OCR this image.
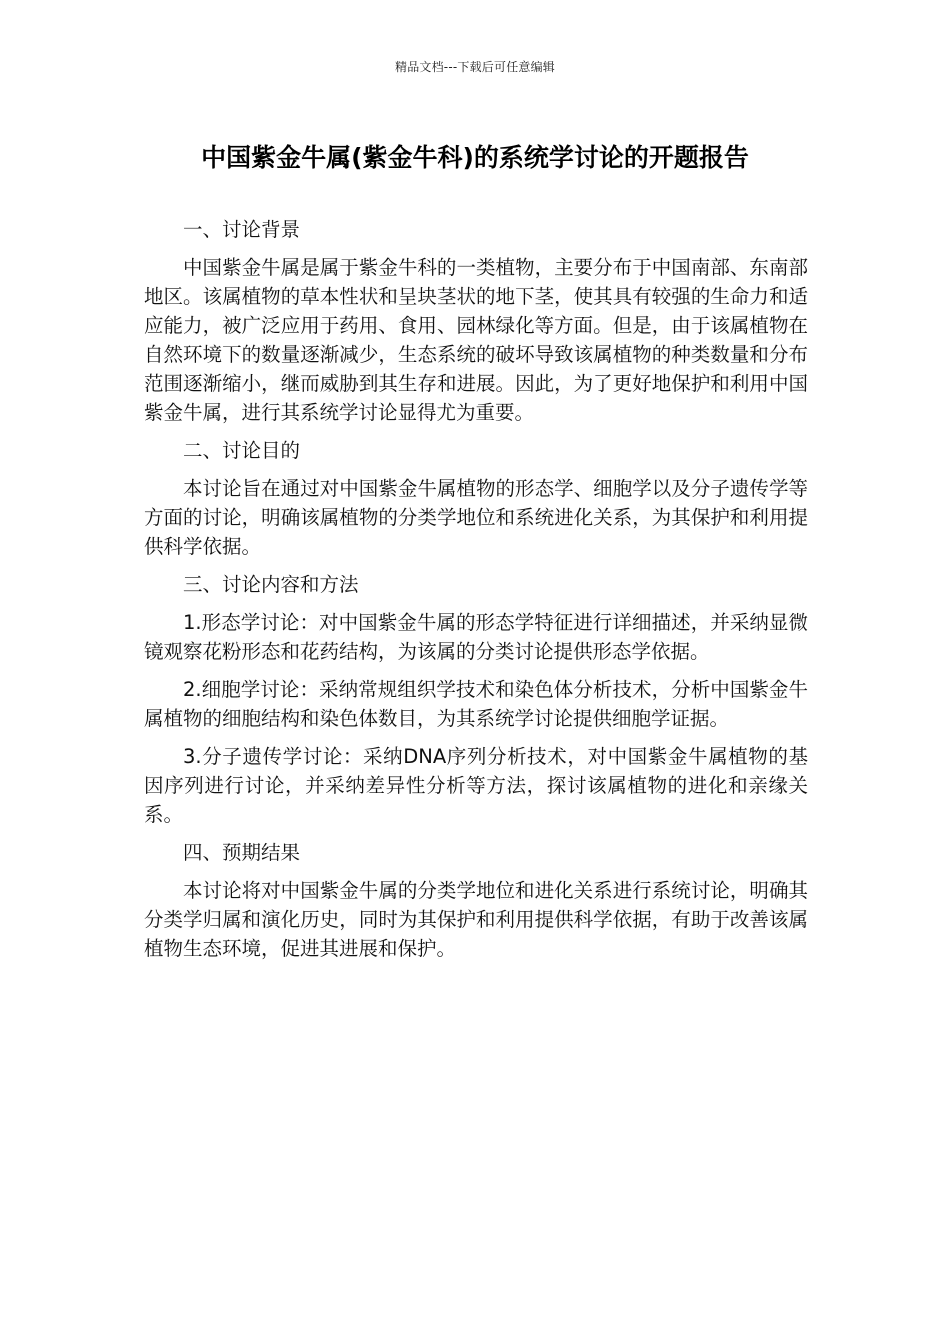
精品文档---下载后可任意编辑
中国紫金牛属(紫金牛科)的系统学讨论的开题报告

一、讨论背景

中国紫金牛属是属于紫金牛科的一类植物，主要分布于中国南部、东南部地区。该属植物的草本性状和呈块茎状的地下茎，使其具有较强的生命力和适应能力，被广泛应用于药用、食用、园林绿化等方面。但是，由于该属植物在自然环境下的数量逐渐减少，生态系统的破坏导致该属植物的种类数量和分布范围逐渐缩小，继而威胁到其生存和进展。因此，为了更好地保护和利用中国紫金牛属，进行其系统学讨论显得尤为重要。

二、讨论目的

本讨论旨在通过对中国紫金牛属植物的形态学、细胞学以及分子遗传学等方面的讨论，明确该属植物的分类学地位和系统进化关系，为其保护和利用提供科学依据。

三、讨论内容和方法

1.形态学讨论：对中国紫金牛属的形态学特征进行详细描述，并采纳显微镜观察花粉形态和花药结构，为该属的分类讨论提供形态学依据。

2.细胞学讨论：采纳常规组织学技术和染色体分析技术，分析中国紫金牛属植物的细胞结构和染色体数目，为其系统学讨论提供细胞学证据。

3.分子遗传学讨论：采纳DNA序列分析技术，对中国紫金牛属植物的基因序列进行讨论，并采纳差异性分析等方法，探讨该属植物的进化和亲缘关系。

四、预期结果

本讨论将对中国紫金牛属的分类学地位和进化关系进行系统讨论，明确其分类学归属和演化历史，同时为其保护和利用提供科学依据，有助于改善该属植物生态环境，促进其进展和保护。
